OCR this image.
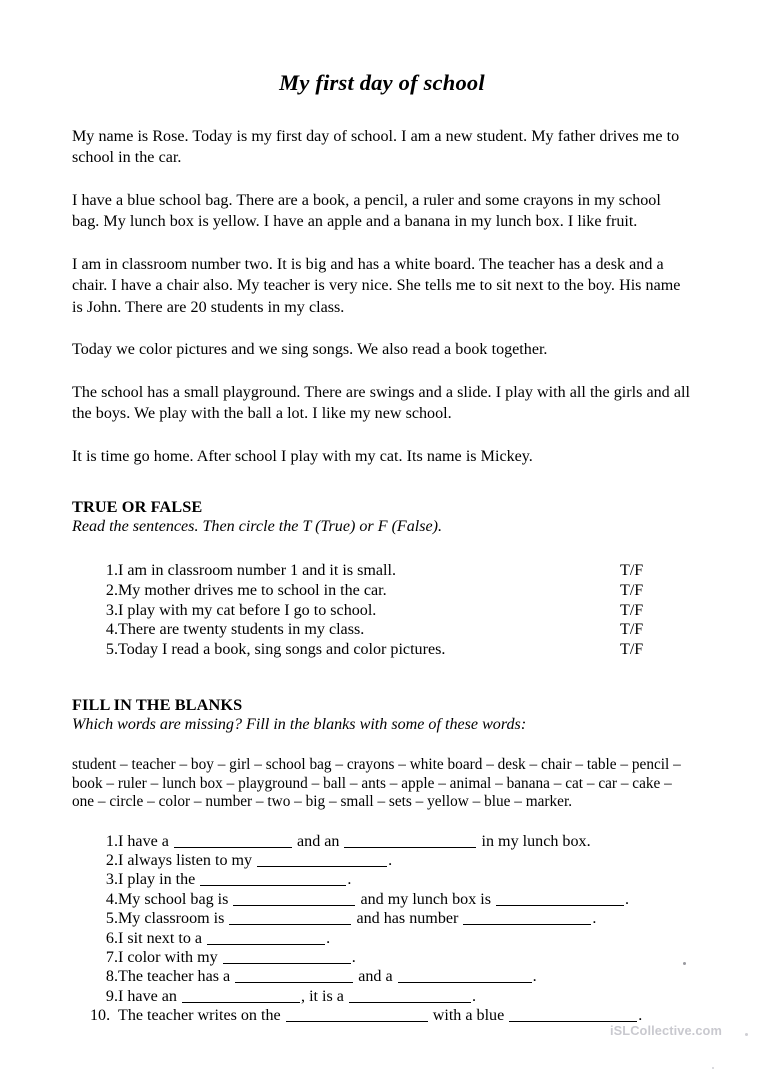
My first day of school

My name is Rose. Today is my first day of school. I am a new student. My father drives me to school in the car.

I have a blue school bag. There are a book, a pencil, a ruler and some crayons in my school bag. My lunch box is yellow. I have an apple and a banana in my lunch box. I like fruit.

I am in classroom number two. It is big and has a white board. The teacher has a desk and a chair. I have a chair also. My teacher is very nice. She tells me to sit next to the boy. His name is John. There are 20 students in my class.

Today we color pictures and we sing songs. We also read a book together.

The school has a small playground. There are swings and a slide. I play with all the girls and all the boys. We play with the ball a lot. I like my new school.

It is time go home. After school I play with my cat. Its name is Mickey.

TRUE OR FALSE
Read the sentences. Then circle the T (True) or F (False).
1. I am in classroom number 1 and it is small.	T/F
2. My mother drives me to school in the car.	T/F
3. I play with my cat before I go to school.	T/F
4. There are twenty students in my class.	T/F
5. Today I read a book, sing songs and color pictures.	T/F
FILL IN THE BLANKS
Which words are missing? Fill in the blanks with some of these words:

student – teacher – boy – girl – school bag – crayons – white board – desk – chair – table – pencil – book – ruler – lunch box – playground – ball – ants – apple – animal – banana – cat – car – cake – one – circle – color – number – two – big – small – sets – yellow – blue – marker.

1. I have a	and an	in my lunch box.
2. I always listen to my	.
3. I play in the	.
4. My school bag is	and my lunch box is	.
5. My classroom is	and has number	.
6. I sit next to a	.
7. I color with my	.
8. The teacher has a	and a	.
9. I have an	, it is a	.
10. The teacher writes on the	with a blue	.
iSLCollective.com
